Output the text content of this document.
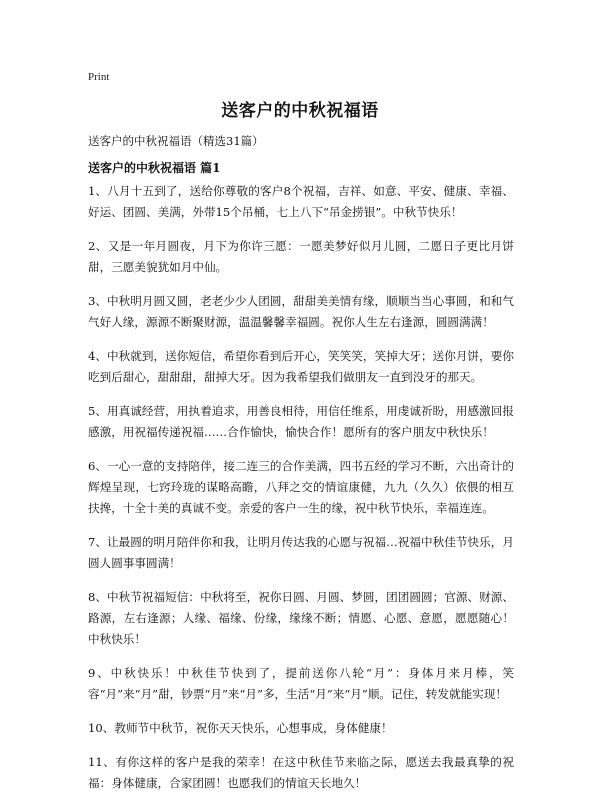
Print
送客户的中秋祝福语
送客户的中秋祝福语（精选31篇）
送客户的中秋祝福语 篇1

1、八月十五到了，送给你尊敬的客户8个祝福，吉祥、如意、平安、健康、幸福、好运、团圆、美满，外带15个吊桶，七上八下“吊金捞银”。中秋节快乐！

2、又是一年月圆夜，月下为你许三愿：一愿美梦好似月儿圆，二愿日子更比月饼甜，三愿美貌犹如月中仙。

3、中秋明月圆又圆，老老少少人团圆，甜甜美美情有缘，顺顺当当心事圆，和和气气好人缘，源源不断聚财源，温温馨馨幸福圆。祝你人生左右逢源，圆圆满满！

4、中秋就到，送你短信，希望你看到后开心，笑笑笑，笑掉大牙；送你月饼，要你吃到后甜心，甜甜甜，甜掉大牙。因为我希望我们做朋友一直到没牙的那天。

5、用真诚经营，用执着追求，用善良相待，用信任维系，用虔诚祈盼，用感激回报感激，用祝福传递祝福……合作愉快，愉快合作！愿所有的客户朋友中秋快乐！

6、一心一意的支持陪伴，接二连三的合作美满，四书五经的学习不断，六出奇计的辉煌呈现，七窍玲珑的谋略高瞻，八拜之交的情谊康健，九九（久久）依偎的相互扶搀，十全十美的真诚不变。亲爱的客户一生的缘，祝中秋节快乐，幸福连连。

7、让最圆的明月陪伴你和我，让明月传达我的心愿与祝福…祝福中秋佳节快乐，月圆人圆事事圆满！

8、中秋节祝福短信：中秋将至，祝你日圆、月圆、梦圆，团团圆圆；官源、财源、路源，左右逢源；人缘、福缘、份缘，缘缘不断；情愿、心愿、意愿，愿愿随心！中秋快乐！

9、中秋快乐！中秋佳节快到了，提前送你八轮“月”：身体月来月棒，笑容“月”来“月”甜，钞票“月”来“月”多，生活“月”来“月”顺。记住，转发就能实现！

10、教师节中秋节，祝你天天快乐，心想事成，身体健康！

11、有你这样的客户是我的荣幸！在这中秋佳节来临之际，愿送去我最真挚的祝福：身体健康，合家团圆！也愿我们的情谊天长地久！
